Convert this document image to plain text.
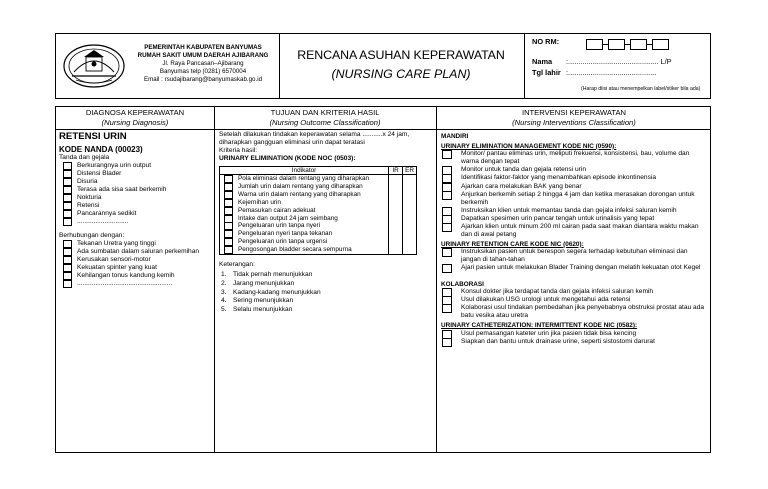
PEMERINTAH KABUPATEN BANYUMAS
RUMAH SAKIT UMUM DAERAH AJIBARANG
Jl. Raya Pancasan–Ajibarang
Banyumas telp (0281) 6570004
Email : rsudajibarang@banyumaskab.go.id
RENCANA ASUHAN KEPERAWATAN
(NURSING CARE PLAN)
NO RM:
Nama :............................................ L/P
Tgl lahir :...........................................
(Harap diisi atau menempelkan label/stiker bila ada)
DIAGNOSA KEPERAWATAN
(Nursing Diagnosis)
TUJUAN DAN KRITERIA HASIL
(Nursing Outcome Classification)
INTERVENSI KEPERAWATAN
(Nursing Interventions Classification)
RETENSI URIN
KODE NANDA (00023)
Tanda dan gejala
Berkurangnya urin output
Distensi Blader
Disuria
Terasa ada sisa saat berkemih
Nokturia
Retensi
Pancarannya sedikit
............................
Berhubungan dengan:
Tekanan Uretra yang tinggi
Ada sumbatan dalam saluran perkemihan
Kerusakan sensori-motor
Kekuatan spinter yang kuat
Kehilangan tonus kandung kemih
....................................................
Setelah dilakukan tindakan keperawatan selama ...........x 24 jam, diharapkan gangguan eliminasi urin dapat teratasi
Kriteria hasil:
URINARY ELIMINATION (KODE NOC (0503):
Indikator	IR	ER

Pola eliminasi dalam rentang yang diharapkan		

Jumlah urin dalam rentang yang diharapkan		

Warna urin dalam rentang yang diharapkan		

Kejernihan urin		

Pemasukan cairan adekuat		

Intake dan output 24 jam seimbang		

Pengeluaran urin tanpa nyeri		

Pengeluaran nyeri tanpa tekanan		

Pengeluaran urin tanpa urgensi		

Pengosongan bladder secara sempurna		
Keterangan:
1. Tidak pernah menunjukkan
2. Jarang menunjukkan
3. Kadang-kadang menunjukkan
4. Sering menunjukkan
5. Selalu menunjukkan
MANDIRI
URINARY ELIMINATION MANAGEMENT KODE NIC (0590):
Monitor/ pantau eliminas urin, meliputi frekuensi, konsistensi, bau, volume dan warna dengan tepat
Monitor untuk tanda dan gejala retensi urin
Identifikasi faktor-faktor yang menambahkan episode inkontinensia
Ajarkan cara melakukan BAK yang benar
Anjurkan berkemih setiap 2 hingga 4 jam dan ketika merasakan dorongan untuk berkemih
Instruksikan klien untuk memantau tanda dan gejala infeksi saluran kemih
Dapatkan spesimen urin pancar tengah untuk urinalisis yang tepat
Ajarkan klien untuk minum 200 ml cairan pada saat makan diantara waktu makan dan di awal petang
URINARY RETENTION CARE KODE NIC (0620):
Instruksikan pasien untuk berespon segera terhadap kebutuhan eliminasi dan jangan di tahan-tahan
Ajari pasien untuk melakukan Blader Training dengan melatih kekuatan otot Kegel
KOLABORASI
Konsul dokter jika terdapat tanda dan gejala infeksi saluran kemih
Usul dilakukan USG urologi untuk mengetahui ada retensi
Kolaborasi usul tindakan pembedahan jika penyebabnya obstruksi prostat atau ada batu vesika atau uretra
URINARY CATHETERIZATION: INTERMITTENT KODE NIC (0582):
Usul pemasangan kateter urin jika pasien tidak bisa kencing
Siapkan dan bantu untuk drainase urine, seperti sistostomi darurat
